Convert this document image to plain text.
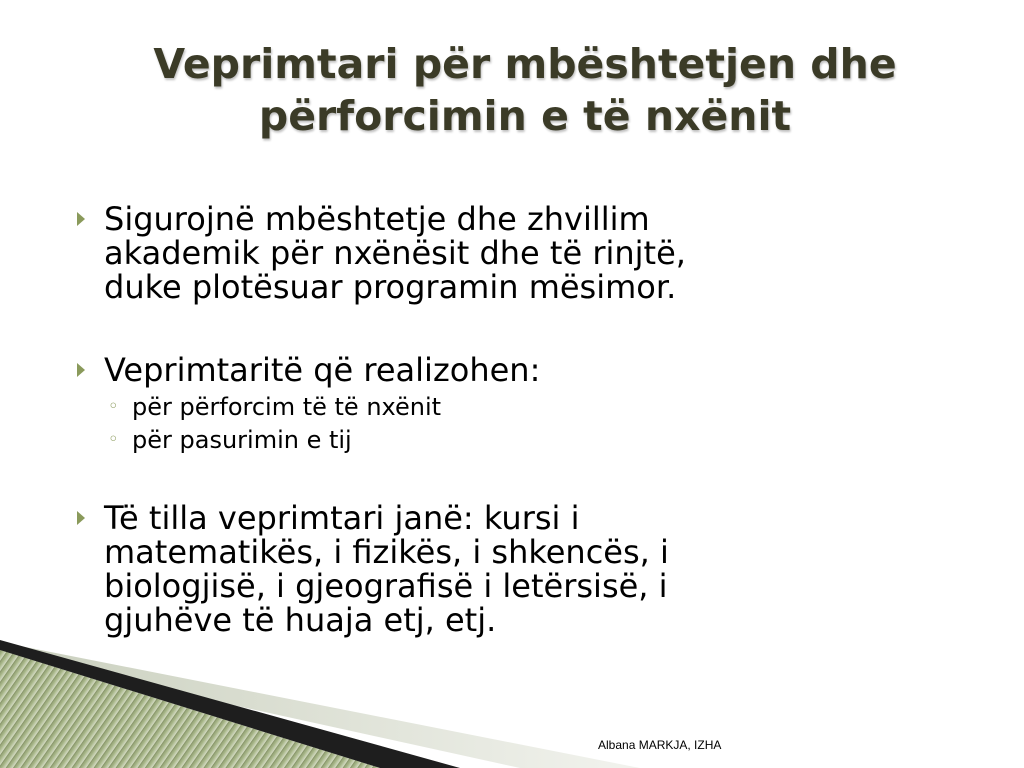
Veprimtari për mbështetjen dhe
përforcimin e të nxënit
Sigurojnë mbështetje dhe zhvillim
akademik për nxënësit dhe të rinjtë,
duke plotësuar programin mësimor.
Veprimtaritë që realizohen:
◦ për përforcim të të nxënit
◦ për pasurimin e tij
Të tilla veprimtari janë: kursi i
matematikës, i fizikës, i shkencës, i
biologjisë, i gjeografisë i letërsisë, i
gjuhëve të huaja etj, etj.
Albana MARKJA, IZHA
